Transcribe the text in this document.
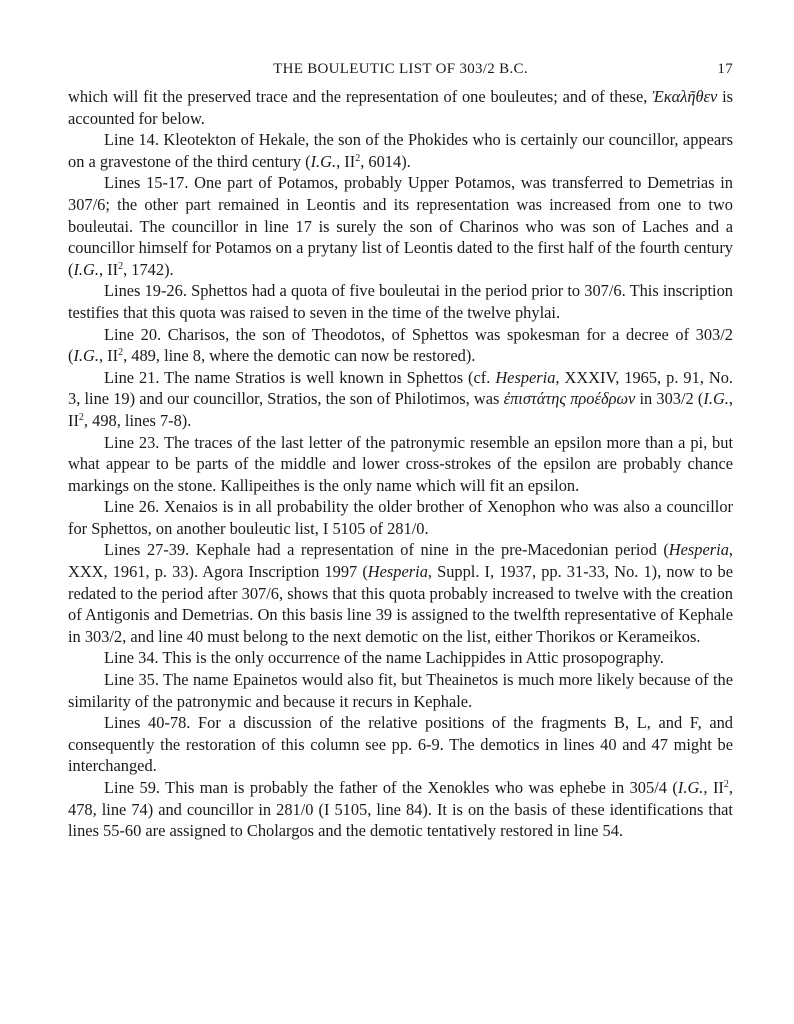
THE BOULEUTIC LIST OF 303/2 B.C.	17

which will fit the preserved trace and the representation of one bouleutes; and of these, Ἐκαλῆθεν is accounted for below.

Line 14. Kleotekton of Hekale, the son of the Phokides who is certainly our councillor, appears on a gravestone of the third century (I.G., $II^2$, 6014).

Lines 15-17. One part of Potamos, probably Upper Potamos, was transferred to Demetrias in 307/6; the other part remained in Leontis and its representation was increased from one to two bouleutai. The councillor in line 17 is surely the son of Charinos who was son of Laches and a councillor himself for Potamos on a prytany list of Leontis dated to the first half of the fourth century (I.G., $II^2$, 1742).

Lines 19-26. Sphettos had a quota of five bouleutai in the period prior to 307/6. This inscription testifies that this quota was raised to seven in the time of the twelve phylai.

Line 20. Charisos, the son of Theodotos, of Sphettos was spokesman for a decree of 303/2 (I.G., $II^2$, 489, line 8, where the demotic can now be restored).

Line 21. The name Stratios is well known in Sphettos (cf. Hesperia, XXXIV, 1965, p. 91, No. 3, line 19) and our councillor, Stratios, the son of Philotimos, was ἐπιστάτης προέδρων in 303/2 (I.G., $II^2$, 498, lines 7-8).

Line 23. The traces of the last letter of the patronymic resemble an epsilon more than a pi, but what appear to be parts of the middle and lower cross-strokes of the epsilon are probably chance markings on the stone. Kallipeithes is the only name which will fit an epsilon.

Line 26. Xenaios is in all probability the older brother of Xenophon who was also a councillor for Sphettos, on another bouleutic list, I 5105 of 281/0.

Lines 27-39. Kephale had a representation of nine in the pre-Macedonian period (Hesperia, XXX, 1961, p. 33). Agora Inscription 1997 (Hesperia, Suppl. I, 1937, pp. 31-33, No. 1), now to be redated to the period after 307/6, shows that this quota probably increased to twelve with the creation of Antigonis and Demetrias. On this basis line 39 is assigned to the twelfth representative of Kephale in 303/2, and line 40 must belong to the next demotic on the list, either Thorikos or Kerameikos.

Line 34. This is the only occurrence of the name Lachippides in Attic prosopography.

Line 35. The name Epainetos would also fit, but Theainetos is much more likely because of the similarity of the patronymic and because it recurs in Kephale.

Lines 40-78. For a discussion of the relative positions of the fragments B, L, and F, and consequently the restoration of this column see pp. 6-9. The demotics in lines 40 and 47 might be interchanged.

Line 59. This man is probably the father of the Xenokles who was ephebe in 305/4 (I.G., $II^2$, 478, line 74) and councillor in 281/0 (I 5105, line 84). It is on the basis of these identifications that lines 55-60 are assigned to Cholargos and the demotic tentatively restored in line 54.
